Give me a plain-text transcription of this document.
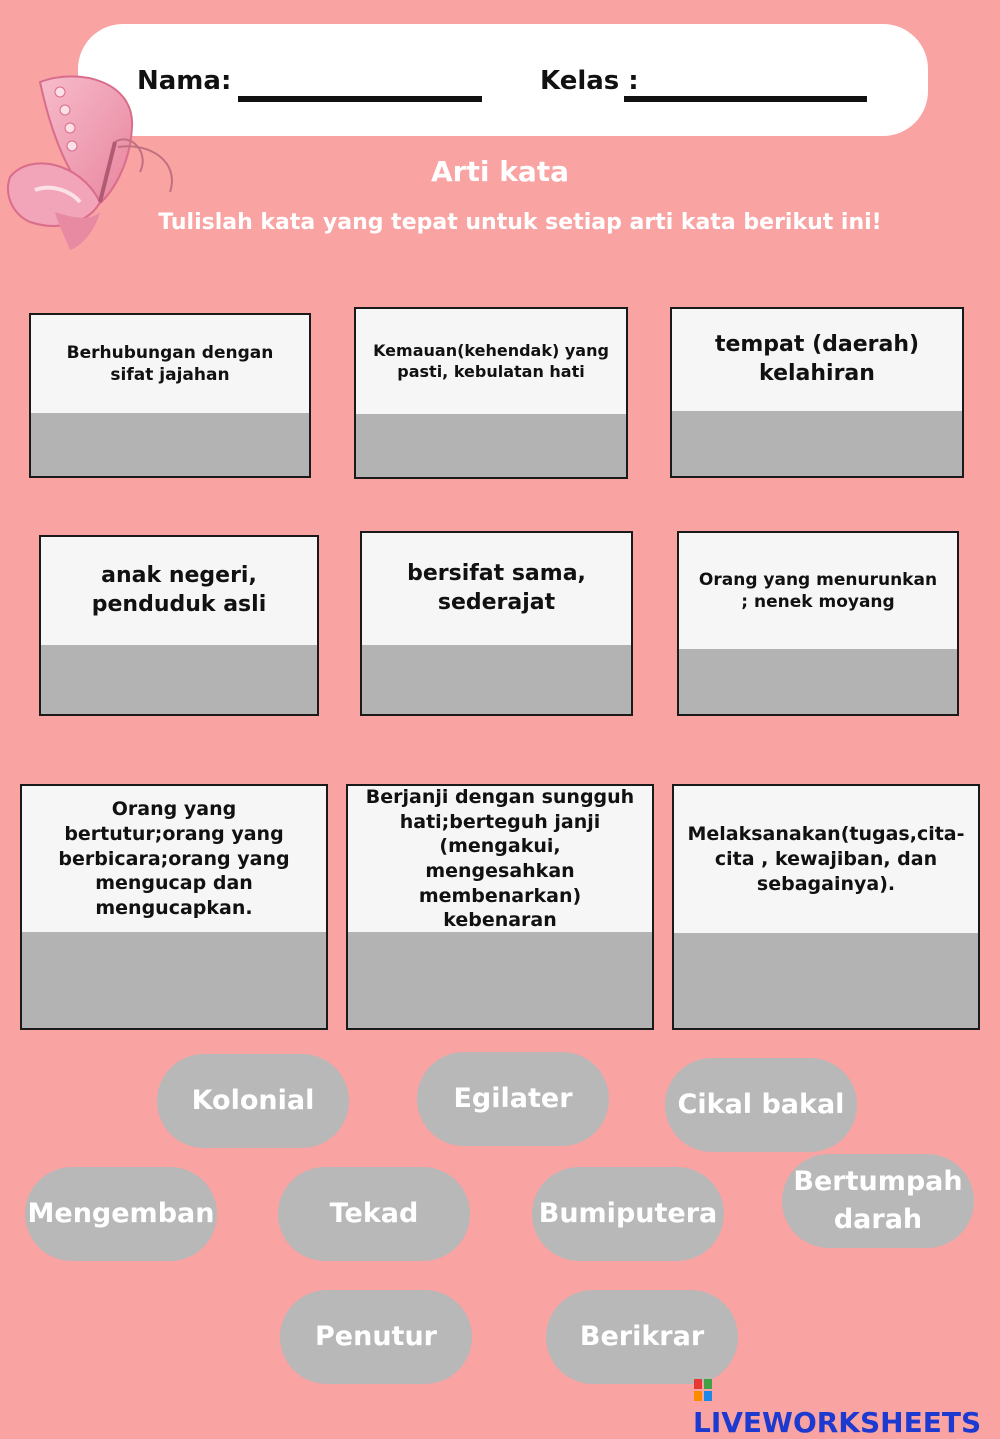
Nama:	Kelas :
Arti kata
Tulislah kata yang tepat untuk setiap arti kata berikut ini!
Berhubungan dengan sifat jajahan
Kemauan(kehendak) yang pasti, kebulatan hati
tempat (daerah) kelahiran
anak negeri, penduduk asli
bersifat sama, sederajat
Orang yang menurunkan ; nenek moyang
Orang yang bertutur;orang yang berbicara;orang yang mengucap dan mengucapkan.
Berjanji dengan sungguh hati;berteguh janji (mengakui, mengesahkan membenarkan) kebenaran
Melaksanakan(tugas,cita-cita , kewajiban, dan sebagainya).
Kolonial	Egilater	Cikal bakal
Mengemban	Tekad	Bumiputera
Bertumpah darah
Penutur	Berikrar
LIVEWORKSHEETS
